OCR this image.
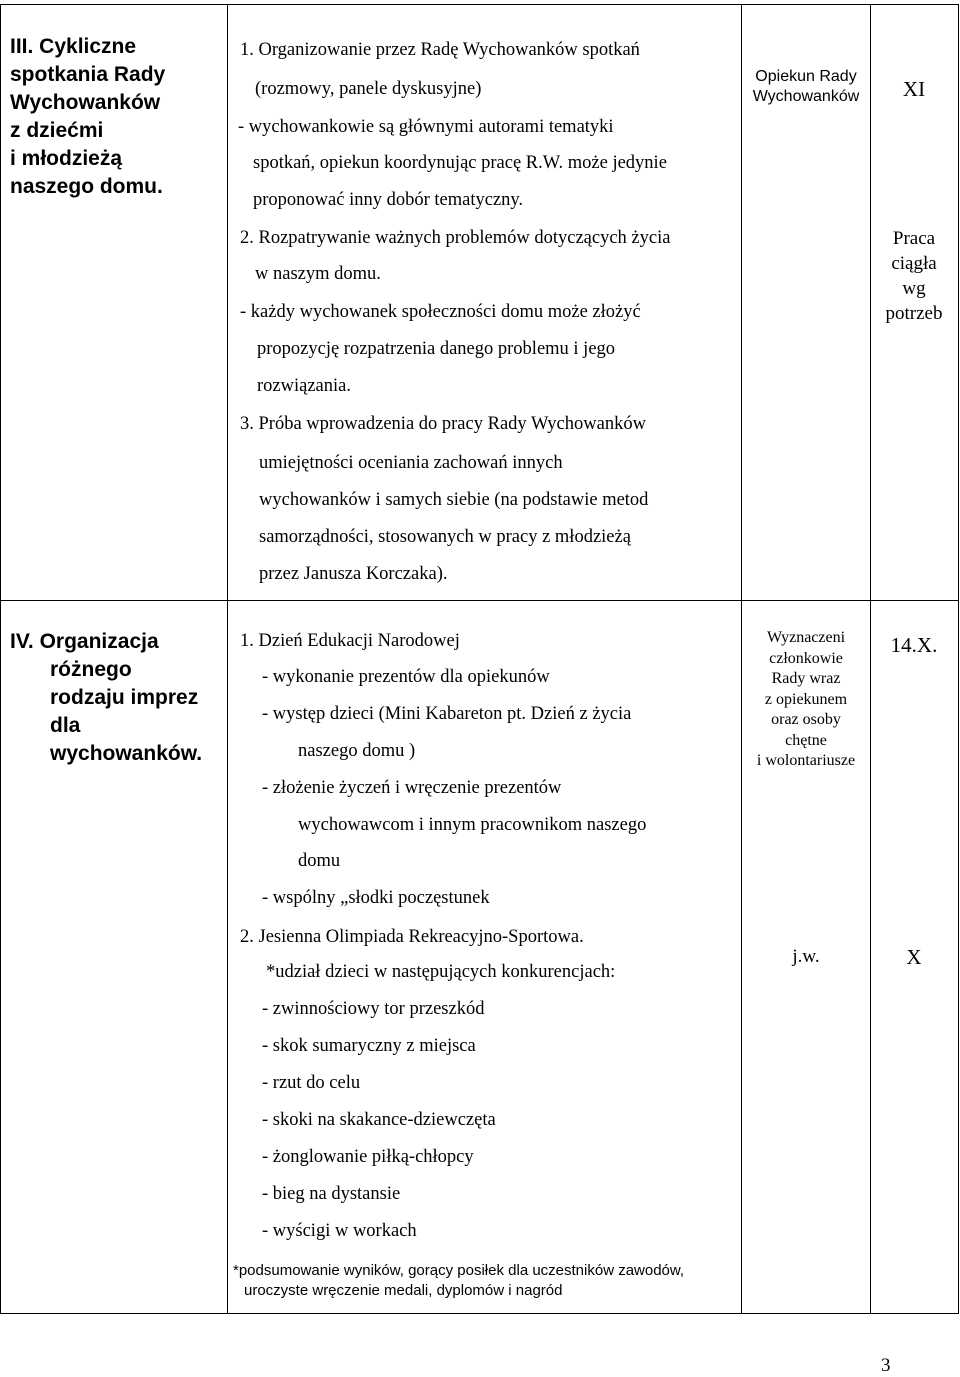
III. Cykliczne
spotkania Rady
Wychowanków
z dziećmi
i młodzieżą
naszego domu.
1. Organizowanie przez Radę Wychowanków spotkań
(rozmowy, panele dyskusyjne)
- wychowankowie są głównymi autorami tematyki
spotkań, opiekun koordynując pracę R.W. może jedynie
proponować inny dobór tematyczny.
Opiekun Rady
Wychowanków XI
2. Rozpatrywanie ważnych problemów dotyczących życia
w naszym domu.
- każdy wychowanek społeczności domu może złożyć
propozycję rozpatrzenia danego problemu i jego
rozwiązania.
Praca
ciągła
wg
potrzeb
3. Próba wprowadzenia do pracy Rady Wychowanków
umiejętności oceniania zachowań innych
wychowanków i samych siebie (na podstawie metod
samorządności, stosowanych w pracy z młodzieżą
przez Janusza Korczaka).
IV. Organizacja
różnego
rodzaju imprez
dla
wychowanków.
1. Dzień Edukacji Narodowej
- wykonanie prezentów dla opiekunów
- występ dzieci (Mini Kabareton pt. Dzień z życia
naszego domu )
- złożenie życzeń i wręczenie prezentów
wychowawcom i innym pracownikom naszego
domu
- wspólny „słodki poczęstunek
Wyznaczeni
członkowie
Rady wraz
z opiekunem
oraz osoby
chętne
i wolontariusze
14.X.
2. Jesienna Olimpiada Rekreacyjno-Sportowa.
*udział dzieci w następujących konkurencjach:
- zwinnościowy tor przeszkód
- skok sumaryczny z miejsca
- rzut do celu
- skoki na skakance-dziewczęta
- żonglowanie piłką-chłopcy
- bieg na dystansie
- wyścigi w workach
*podsumowanie wyników, gorący posiłek dla uczestników zawodów,
uroczyste wręczenie medali, dyplomów i nagród
j.w.	X
3
